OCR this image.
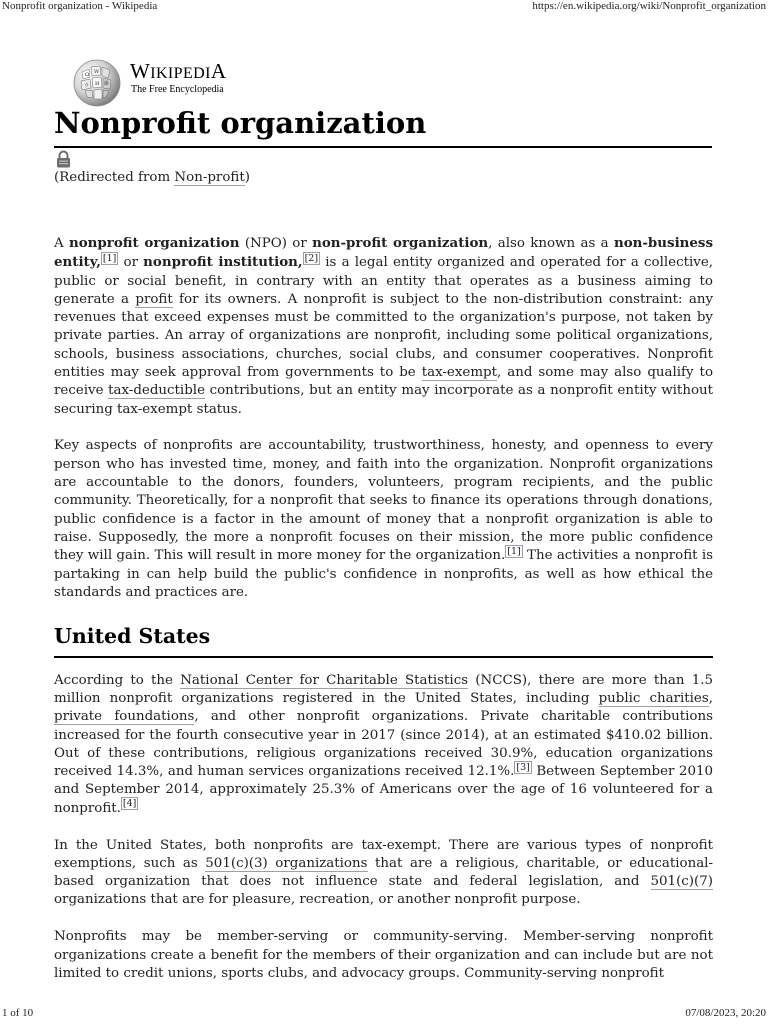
Nonprofit organization - Wikipedia	https://en.wikipedia.org/wiki/Nonprofit_organization
Ω W
И
ウ	維
WIKIPEDIA
The Free Encyclopedia
Nonprofit organization
(Redirected from Non-profit)

A nonprofit organization (NPO) or non-profit organization, also known as a non-business entity, [1] or nonprofit institution, [2] is a legal entity organized and operated for a collective, public or social benefit, in contrary with an entity that operates as a business aiming to generate a profit for its owners. A nonprofit is subject to the non-distribution constraint: any revenues that exceed expenses must be committed to the organization's purpose, not taken by private parties. An array of organizations are nonprofit, including some political organizations, schools, business associations, churches, social clubs, and consumer cooperatives. Nonprofit entities may seek approval from governments to be tax-exempt, and some may also qualify to receive tax-deductible contributions, but an entity may incorporate as a nonprofit entity without securing tax-exempt status.

Key aspects of nonprofits are accountability, trustworthiness, honesty, and openness to every person who has invested time, money, and faith into the organization. Nonprofit organizations are accountable to the donors, founders, volunteers, program recipients, and the public community. Theoretically, for a nonprofit that seeks to finance its operations through donations, public confidence is a factor in the amount of money that a nonprofit organization is able to raise. Supposedly, the more a nonprofit focuses on their mission, the more public confidence they will gain. This will result in more money for the organization. [1] The activities a nonprofit is partaking in can help build the public's confidence in nonprofits, as well as how ethical the standards and practices are.

United States

According to the National Center for Charitable Statistics (NCCS), there are more than 1.5 million nonprofit organizations registered in the United States, including public charities, private foundations, and other nonprofit organizations. Private charitable contributions increased for the fourth consecutive year in 2017 (since 2014), at an estimated $410.02 billion. Out of these contributions, religious organizations received 30.9%, education organizations received 14.3%, and human services organizations received 12.1%. [3] Between September 2010 and September 2014, approximately 25.3% of Americans over the age of 16 volunteered for a nonprofit. [4]

In the United States, both nonprofits are tax-exempt. There are various types of nonprofit exemptions, such as 501(c)(3) organizations that are a religious, charitable, or educational-based organization that does not influence state and federal legislation, and 501(c)(7) organizations that are for pleasure, recreation, or another nonprofit purpose.

Nonprofits may be member-serving or community-serving. Member-serving nonprofit organizations create a benefit for the members of their organization and can include but are not limited to credit unions, sports clubs, and advocacy groups. Community-serving nonprofit

1 of 10	07/08/2023, 20:20
